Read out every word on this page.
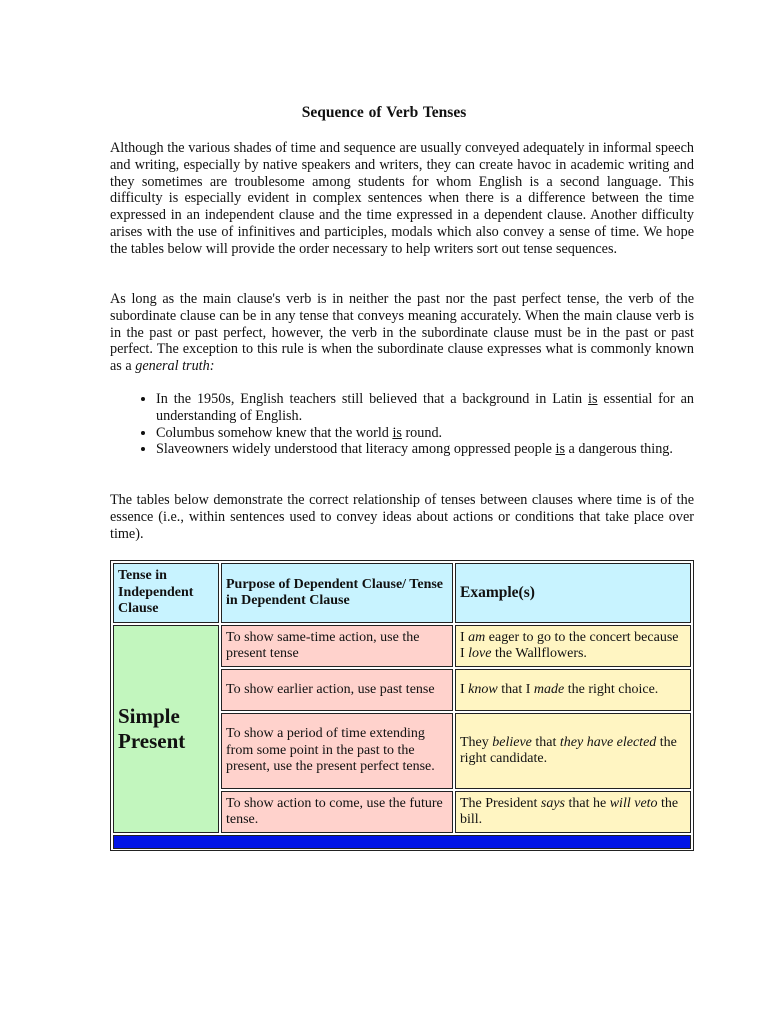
Sequence of Verb Tenses

Although the various shades of time and sequence are usually conveyed adequately in informal speech and writing, especially by native speakers and writers, they can create havoc in academic writing and they sometimes are troublesome among students for whom English is a second language. This difficulty is especially evident in complex sentences when there is a difference between the time expressed in an independent clause and the time expressed in a dependent clause. Another difficulty arises with the use of infinitives and participles, modals which also convey a sense of time. We hope the tables below will provide the order necessary to help writers sort out tense sequences.

As long as the main clause's verb is in neither the past nor the past perfect tense, the verb of the subordinate clause can be in any tense that conveys meaning accurately. When the main clause verb is in the past or past perfect, however, the verb in the subordinate clause must be in the past or past perfect. The exception to this rule is when the subordinate clause expresses what is commonly known as a general truth:

• In the 1950s, English teachers still believed that a background in Latin is essential for an understanding of English.
• Columbus somehow knew that the world is round.
• Slaveowners widely understood that literacy among oppressed people is a dangerous thing.

The tables below demonstrate the correct relationship of tenses between clauses where time is of the essence (i.e., within sentences used to convey ideas about actions or conditions that take place over time).

Tense in Independent Clause	Purpose of Dependent Clause/ Tense in Dependent Clause	Example(s)
Simple Present	To show same-time action, use the present tense	I am eager to go to the concert because I love the Wallflowers.
	To show earlier action, use past tense	I know that I made the right choice.
	To show a period of time extending from some point in the past to the present, use the present perfect tense.	They believe that they have elected the right candidate.
	To show action to come, use the future tense.	The President says that he will veto the bill.
